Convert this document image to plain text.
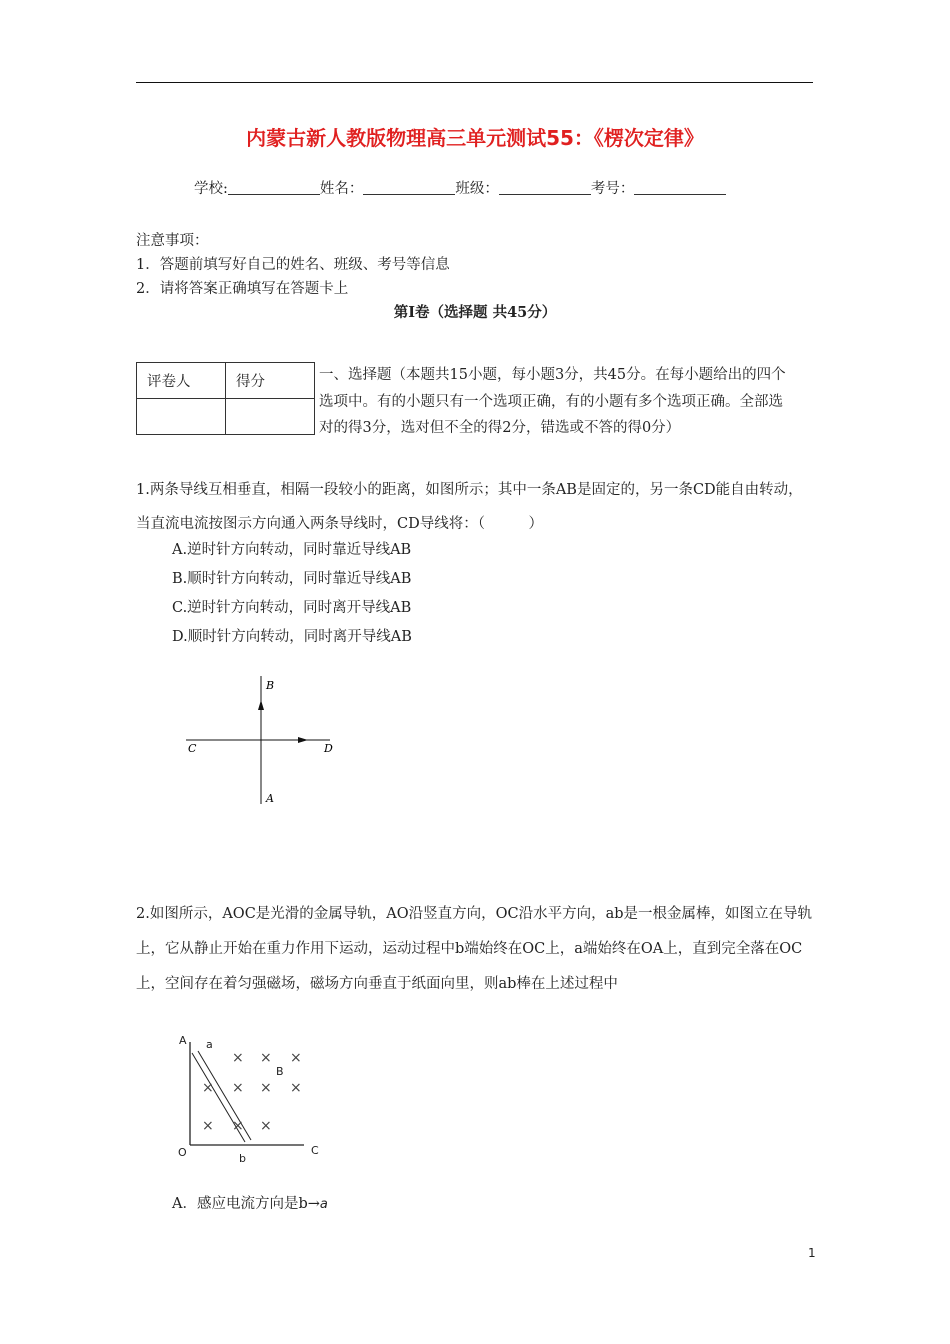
内蒙古新人教版物理高三单元测试55：《楞次定律》
学校:	姓名：	班级：	考号：
注意事项：
1．答题前填写好自己的姓名、班级、考号等信息
2．请将答案正确填写在答题卡上
第I卷（选择题 共45分）
评卷人	得分
		一、选择题（本题共15小题，每小题3分，共45分。在每小题给出的四个选项中。有的小题只有一个选项正确，有的小题有多个选项正确。全部选对的得3分，选对但不全的得2分，错选或不答的得0分）
1.两条导线互相垂直，相隔一段较小的距离，如图所示；其中一条AB是固定的，另一条CD能自由转动，当直流电流按图示方向通入两条导线时，CD导线将：（　　　）
A.逆时针方向转动，同时靠近导线AB
B.顺时针方向转动，同时靠近导线AB
C.逆时针方向转动，同时离开导线AB
D.顺时针方向转动，同时离开导线AB
B
A
C	D
2.如图所示，AOC是光滑的金属导轨，AO沿竖直方向，OC沿水平方向，ab是一根金属棒，如图立在导轨上，它从静止开始在重力作用下运动，运动过程中b端始终在OC上，a端始终在OA上，直到完全落在OC上，空间存在着匀强磁场，磁场方向垂直于纸面向里，则ab棒在上述过程中
× × ×
× × × ×
× × ×
A a
B
O	b
C
A．感应电流方向是b→a
1
